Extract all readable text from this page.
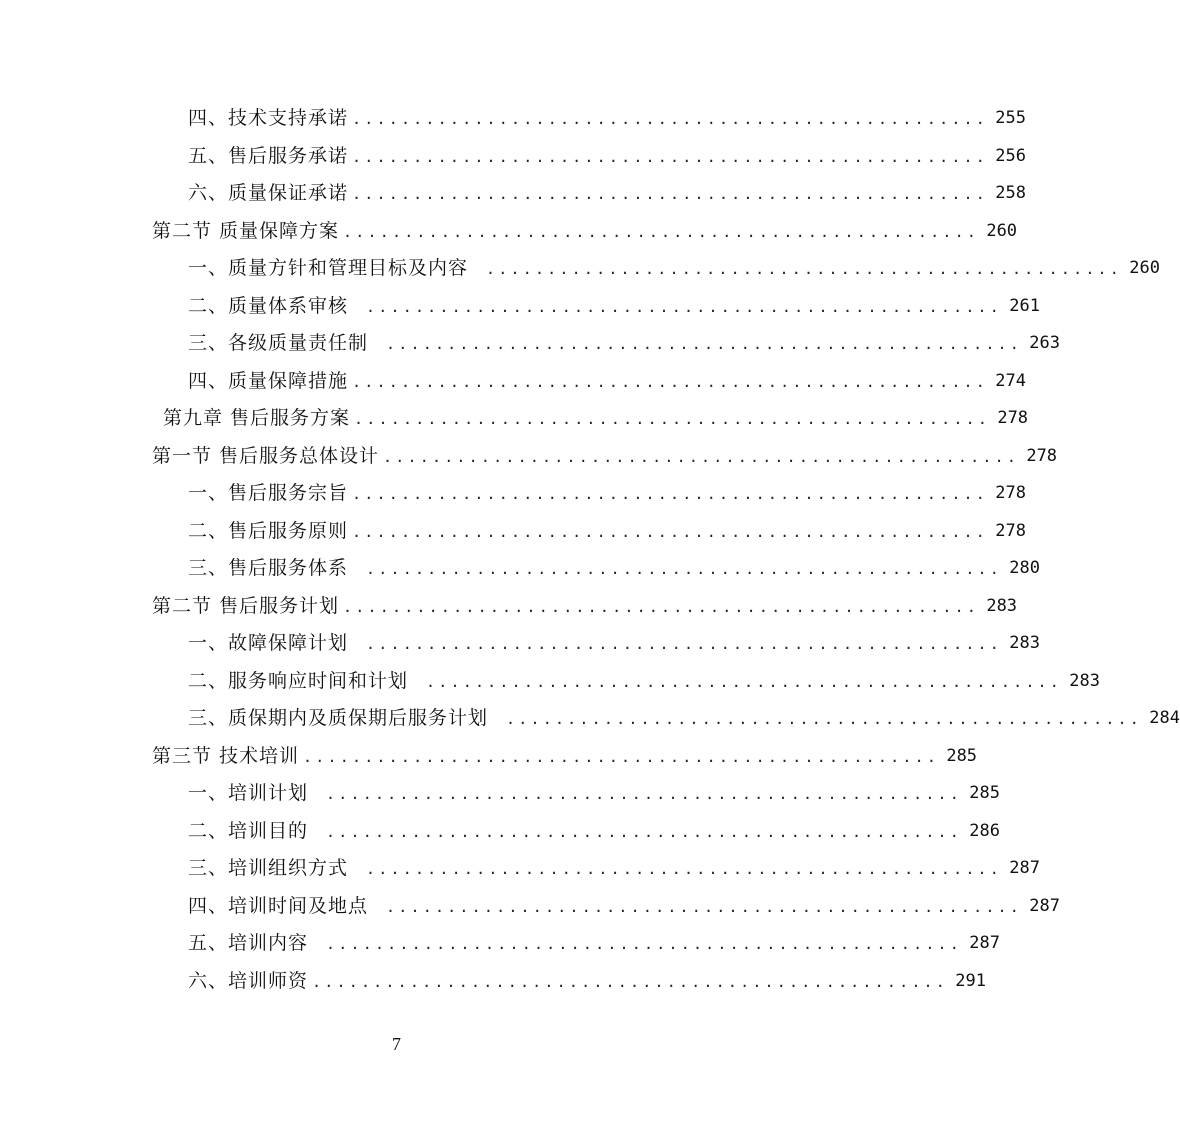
四、技术支持承诺 .................................................... 255
五、售后服务承诺 .................................................... 256
六、质量保证承诺 .................................................... 258
第二节 质量保障方案 .................................................... 260
一、质量方针和管理目标及内容 .................................................... 260
二、质量体系审核 .................................................... 261
三、各级质量责任制 .................................................... 263
四、质量保障措施 .................................................... 274
第九章 售后服务方案 .................................................... 278
第一节 售后服务总体设计 .................................................... 278
一、售后服务宗旨 .................................................... 278
二、售后服务原则 .................................................... 278
三、售后服务体系 .................................................... 280
第二节 售后服务计划 .................................................... 283
一、故障保障计划 .................................................... 283
二、服务响应时间和计划 .................................................... 283
三、质保期内及质保期后服务计划 .................................................... 284
第三节 技术培训 .................................................... 285
一、培训计划 .................................................... 285
二、培训目的 .................................................... 286
三、培训组织方式 .................................................... 287
四、培训时间及地点 .................................................... 287
五、培训内容 .................................................... 287
六、培训师资 .................................................... 291
7
